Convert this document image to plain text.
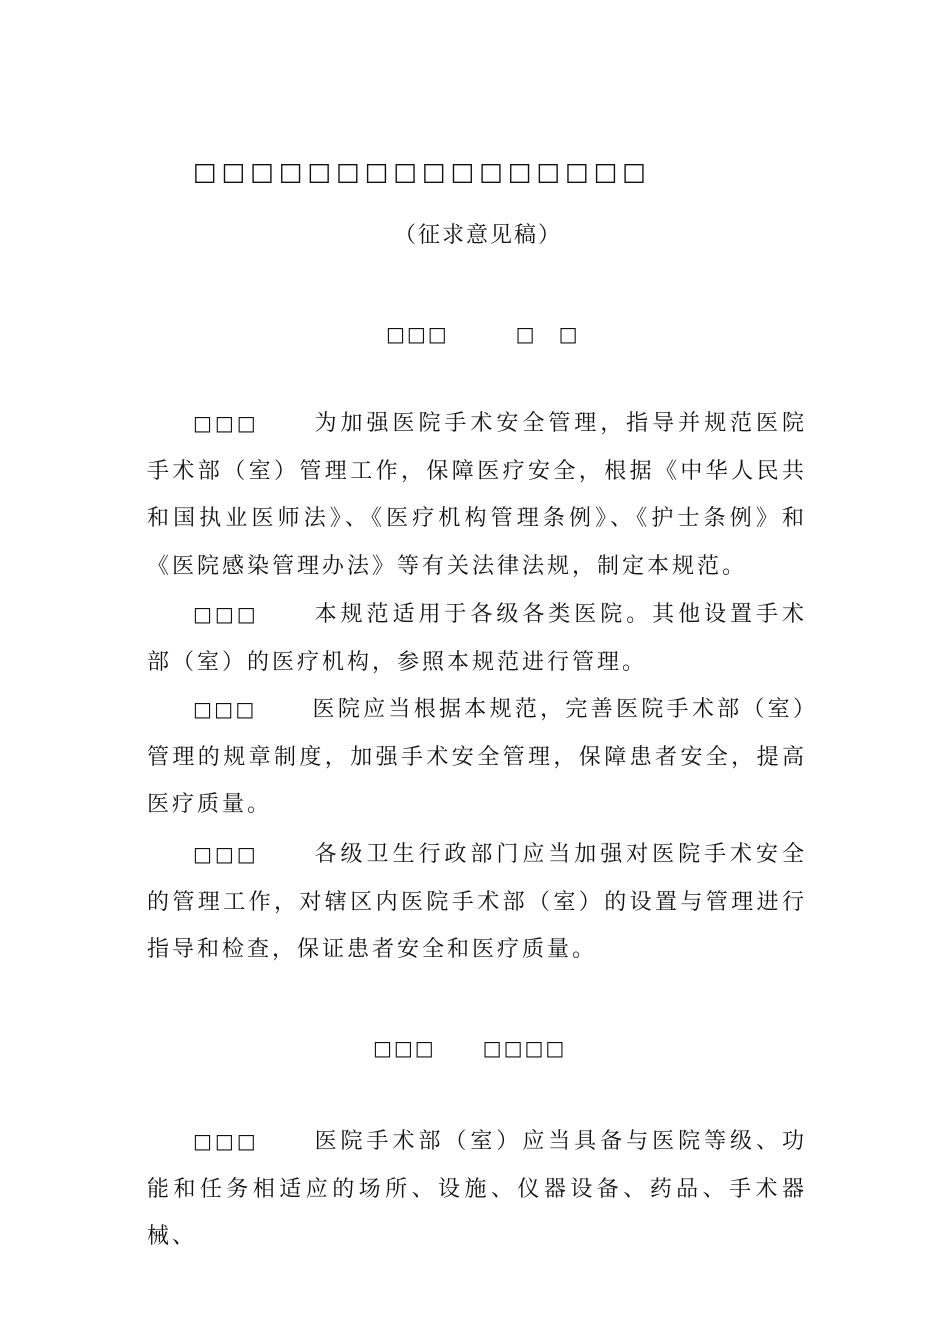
□□□□□□□□□□□□□□□□
（征求意见稿）
□□□	□　□

□□□	为加强医院手术安全管理，指导并规范医院手术部（室）管理工作，保障医疗安全，根据《中华人民共和国执业医师法》、《医疗机构管理条例》、《护士条例》和《医院感染管理办法》等有关法律法规，制定本规范。

□□□	本规范适用于各级各类医院。其他设置手术部（室）的医疗机构，参照本规范进行管理。

□□□	医院应当根据本规范，完善医院手术部（室）管理的规章制度，加强手术安全管理，保障患者安全，提高医疗质量。

□□□	各级卫生行政部门应当加强对医院手术安全的管理工作，对辖区内医院手术部（室）的设置与管理进行指导和检查，保证患者安全和医疗质量。

□□□ □□□□

□□□	医院手术部（室）应当具备与医院等级、功能和任务相适应的场所、设施、仪器设备、药品、手术器械、
